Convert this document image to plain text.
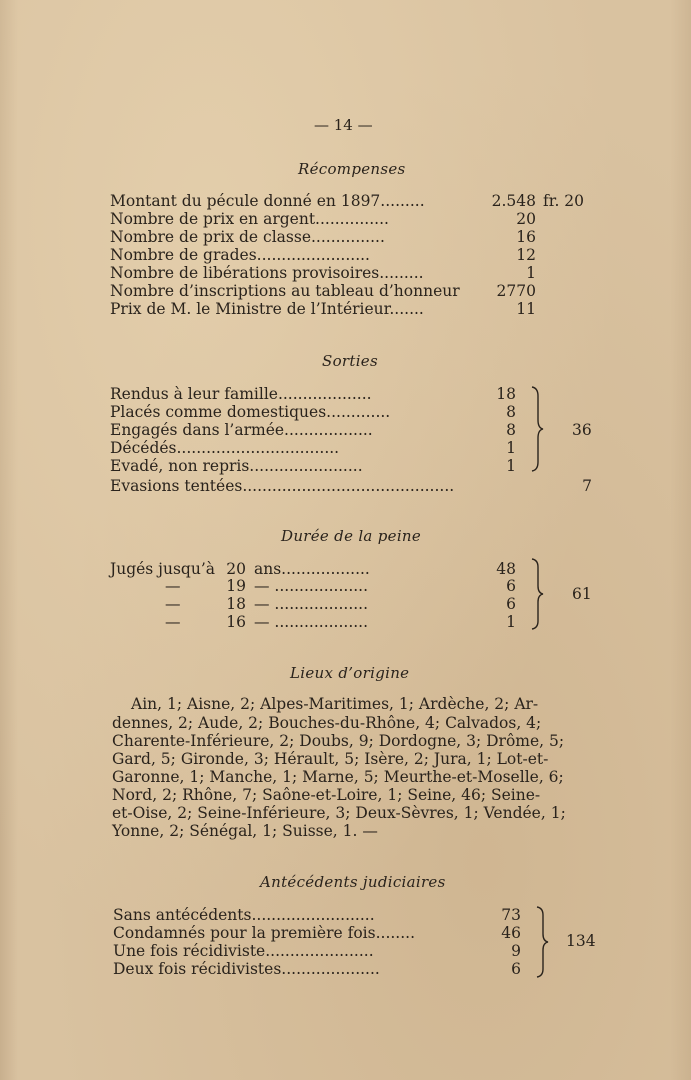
— 14 —
Récompenses
Montant du pécule donné en 1897.........	2.548 fr. 20
Nombre de prix en argent...............	20
Nombre de prix de classe...............	16
Nombre de grades.......................	12
Nombre de libérations provisoires.........	1
Nombre d’inscriptions au tableau d’honneur 2770
Prix de M. le Ministre de l’Intérieur.......	11
Sorties
Rendus à leur famille...................	18
Placés comme domestiques.............	8
Engagés dans l’armée..................	8
Décédés.................................	1
Evadé, non repris.......................	1
36
Evasions tentées...........................................	7
Durée de la peine
Jugés jusqu’à 20 ans..................	48
—	19 — ...................	6
—	18 — ...................	6
—	16 — ...................	1
61
Lieux d’origine
Ain, 1; Aisne, 2; Alpes-Maritimes, 1; Ardèche, 2; Ar-
dennes, 2; Aude, 2; Bouches-du-Rhône, 4; Calvados, 4;
Charente-Inférieure, 2; Doubs, 9; Dordogne, 3; Drôme, 5;
Gard, 5; Gironde, 3; Hérault, 5; Isère, 2; Jura, 1; Lot-et-
Garonne, 1; Manche, 1; Marne, 5; Meurthe-et-Moselle, 6;
Nord, 2; Rhône, 7; Saône-et-Loire, 1; Seine, 46; Seine-
et-Oise, 2; Seine-Inférieure, 3; Deux-Sèvres, 1; Vendée, 1;
Yonne, 2; Sénégal, 1; Suisse, 1. —
Antécédents judiciaires
Sans antécédents.........................	73
Condamnés pour la première fois........	46
Une fois récidiviste......................	9
Deux fois récidivistes....................	6
134
